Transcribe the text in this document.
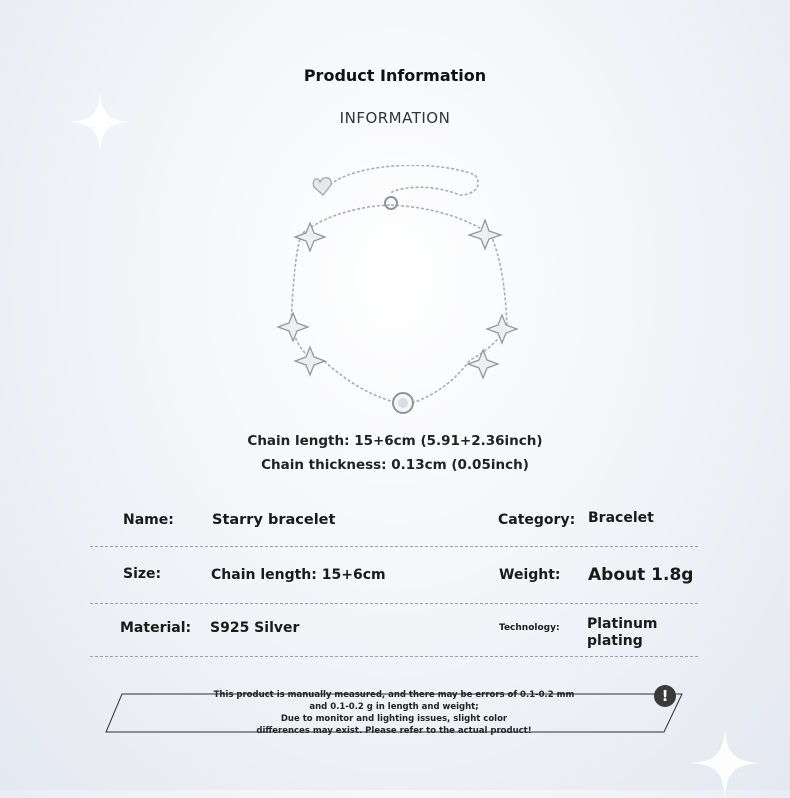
Product Information
INFORMATION
Chain length: 15+6cm (5.91+2.36inch)
Chain thickness: 0.13cm (0.05inch)
Name:	Starry bracelet	Category: Bracelet
Size:	Chain length: 15+6cm	Weight: About 1.8g
Material: S925 Silver	Technology: Platinum plating
This product is manually measured, and there may be errors of 0.1-0.2 mm
and 0.1-0.2 g in length and weight;
Due to monitor and lighting issues, slight color
differences may exist. Please refer to the actual product!
!
